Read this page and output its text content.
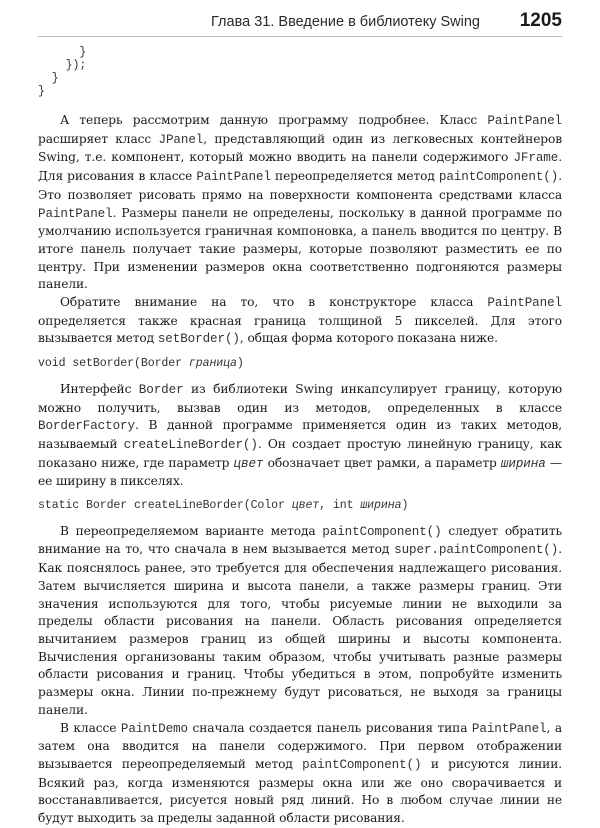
Глава 31. Введение в библиотеку Swing 1205
}
});
}
}

А теперь рассмотрим данную программу подробнее. Класс PaintPanel расширяет класс JPanel, представляющий один из легковесных контейнеров Swing, т.е. компонент, который можно вводить на панели содержимого JFrame. Для рисования в классе PaintPanel переопределяется метод paintComponent(). Это позволяет рисовать прямо на поверхности компонента средствами класса PaintPanel. Размеры панели не определены, поскольку в данной программе по умолчанию используется граничная компоновка, а панель вводится по центру. В итоге панель получает такие размеры, которые позволяют разместить ее по центру. При изменении размеров окна соответственно подгоняются размеры панели.

Обратите внимание на то, что в конструкторе класса PaintPanel определяется также красная граница толщиной 5 пикселей. Для этого вызывается метод setBorder(), общая форма которого показана ниже.

void setBorder(Border граница)

Интерфейс Border из библиотеки Swing инкапсулирует границу, которую можно получить, вызвав один из методов, определенных в классе BorderFactory. В данной программе применяется один из таких методов, называемый createLineBorder(). Он создает простую линейную границу, как показано ниже, где параметр цвет обозначает цвет рамки, а параметр ширина — ее ширину в пикселях.

static Border createLineBorder(Color цвет, int ширина)

В переопределяемом варианте метода paintComponent() следует обратить внимание на то, что сначала в нем вызывается метод super.paintComponent(). Как пояснялось ранее, это требуется для обеспечения надлежащего рисования. Затем вычисляется ширина и высота панели, а также размеры границ. Эти значения используются для того, чтобы рисуемые линии не выходили за пределы области рисования на панели. Область рисования определяется вычитанием размеров границ из общей ширины и высоты компонента. Вычисления организованы таким образом, чтобы учитывать разные размеры области рисования и границ. Чтобы убедиться в этом, попробуйте изменить размеры окна. Линии по-прежнему будут рисоваться, не выходя за границы панели.

В классе PaintDemo сначала создается панель рисования типа PaintPanel, а затем она вводится на панели содержимого. При первом отображении вызывается переопределяемый метод paintComponent() и рисуются линии. Всякий раз, когда изменяются размеры окна или же оно сворачивается и восстанавливается, рисуется новый ряд линий. Но в любом случае линии не будут выходить за пределы заданной области рисования.
